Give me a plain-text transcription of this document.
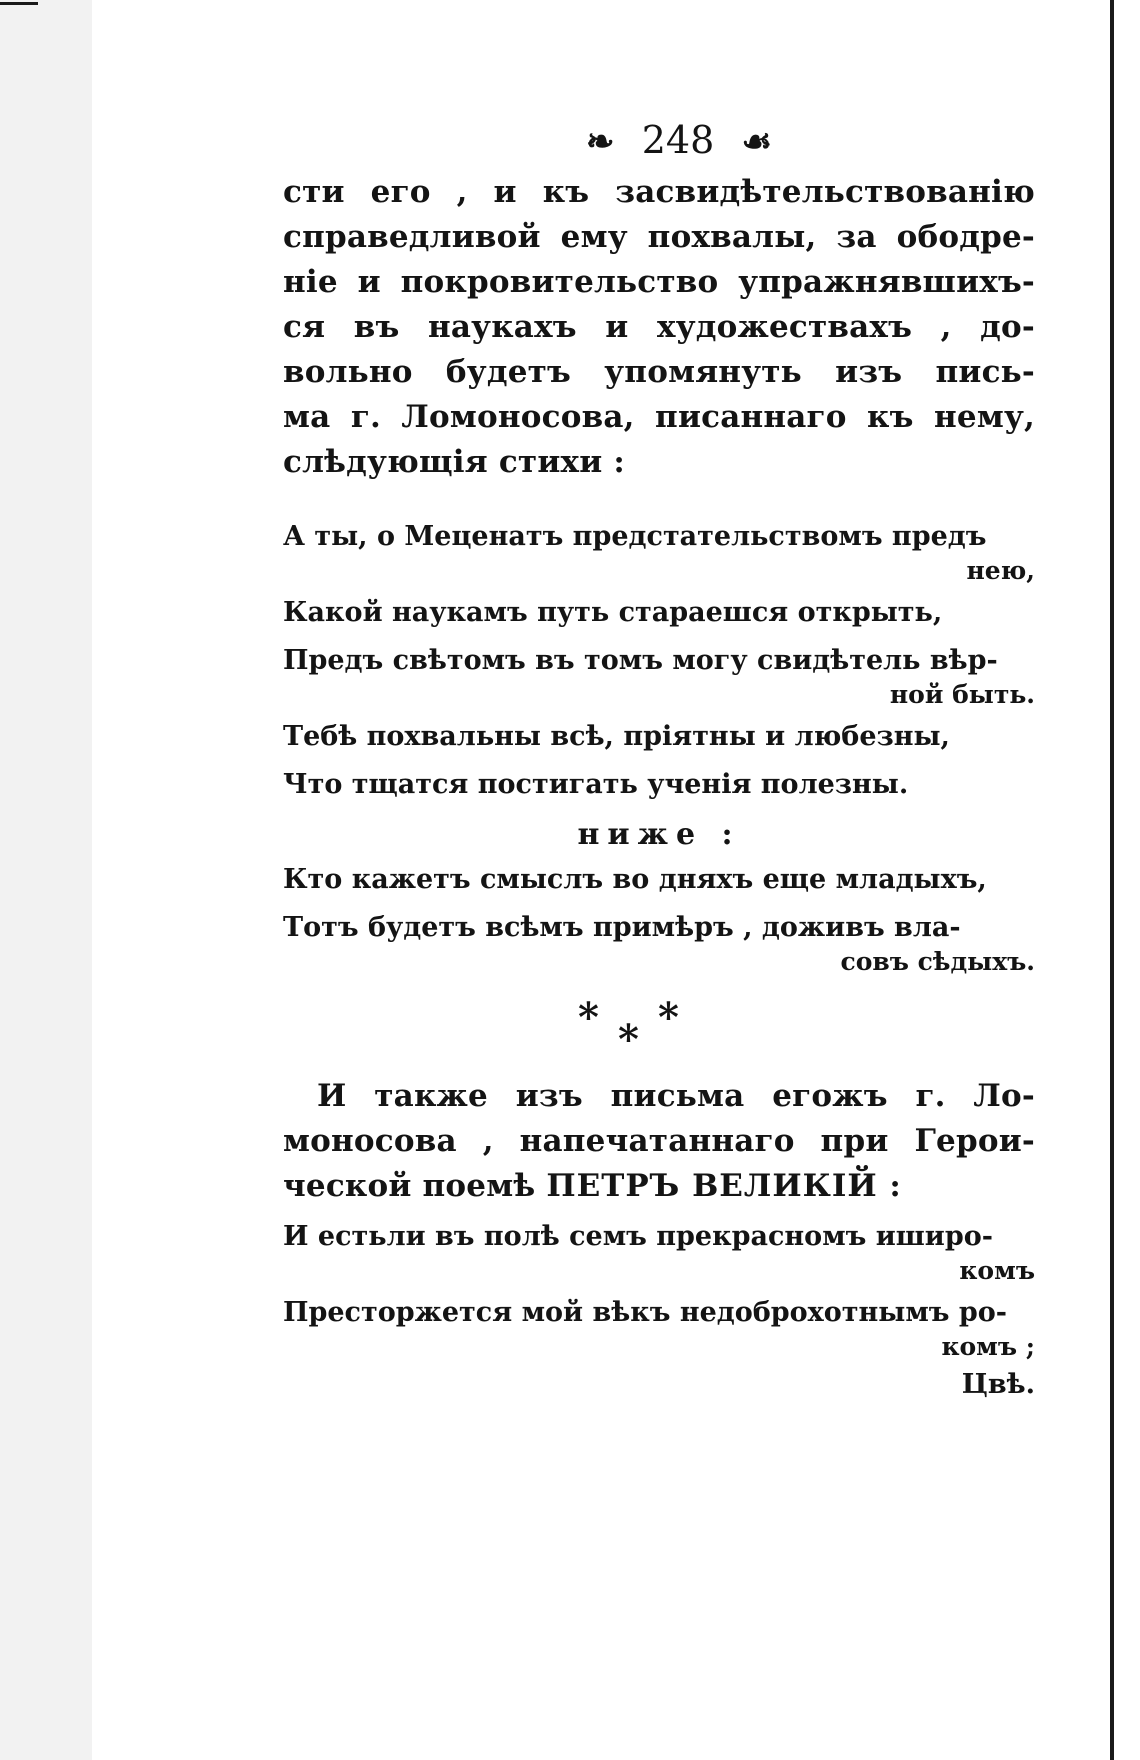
❧ 248 ☙
сти его , и къ засвидѣтельствованію
справедливой ему похвалы, за ободре-
ніе и покровительство упражнявшихъ-
ся въ наукахъ и художествахъ , до-
вольно будетъ упомянуть изъ пись-
ма г. Ломоносова, писаннаго къ нему,
слѣдующія стихи :
А ты, о Меценатъ предстательствомъ предъ
нею,
Какой наукамъ путь стараешся открыть,
Предъ свѣтомъ въ томъ могу свидѣтель вѣр-
ной быть.
Тебѣ похвальны всѣ, пріятны и любезны,
Что тщатся постигать ученія полезны.
ниже :
Кто кажетъ смыслъ во дняхъ еще младыхъ,
Тотъ будетъ всѣмъ примѣръ , доживъ вла-
совъ сѣдыхъ.
* * *
И также изъ письма егожъ г. Ло-
моносова , напечатаннаго при Герои-
ческой поемѣ ПЕТРЪ ВЕЛИКІЙ :
И естьли въ полѣ семъ прекрасномъ иширо-
комъ
Престоржется мой вѣкъ недоброхотнымъ ро-
комъ ;
Цвѣ.
